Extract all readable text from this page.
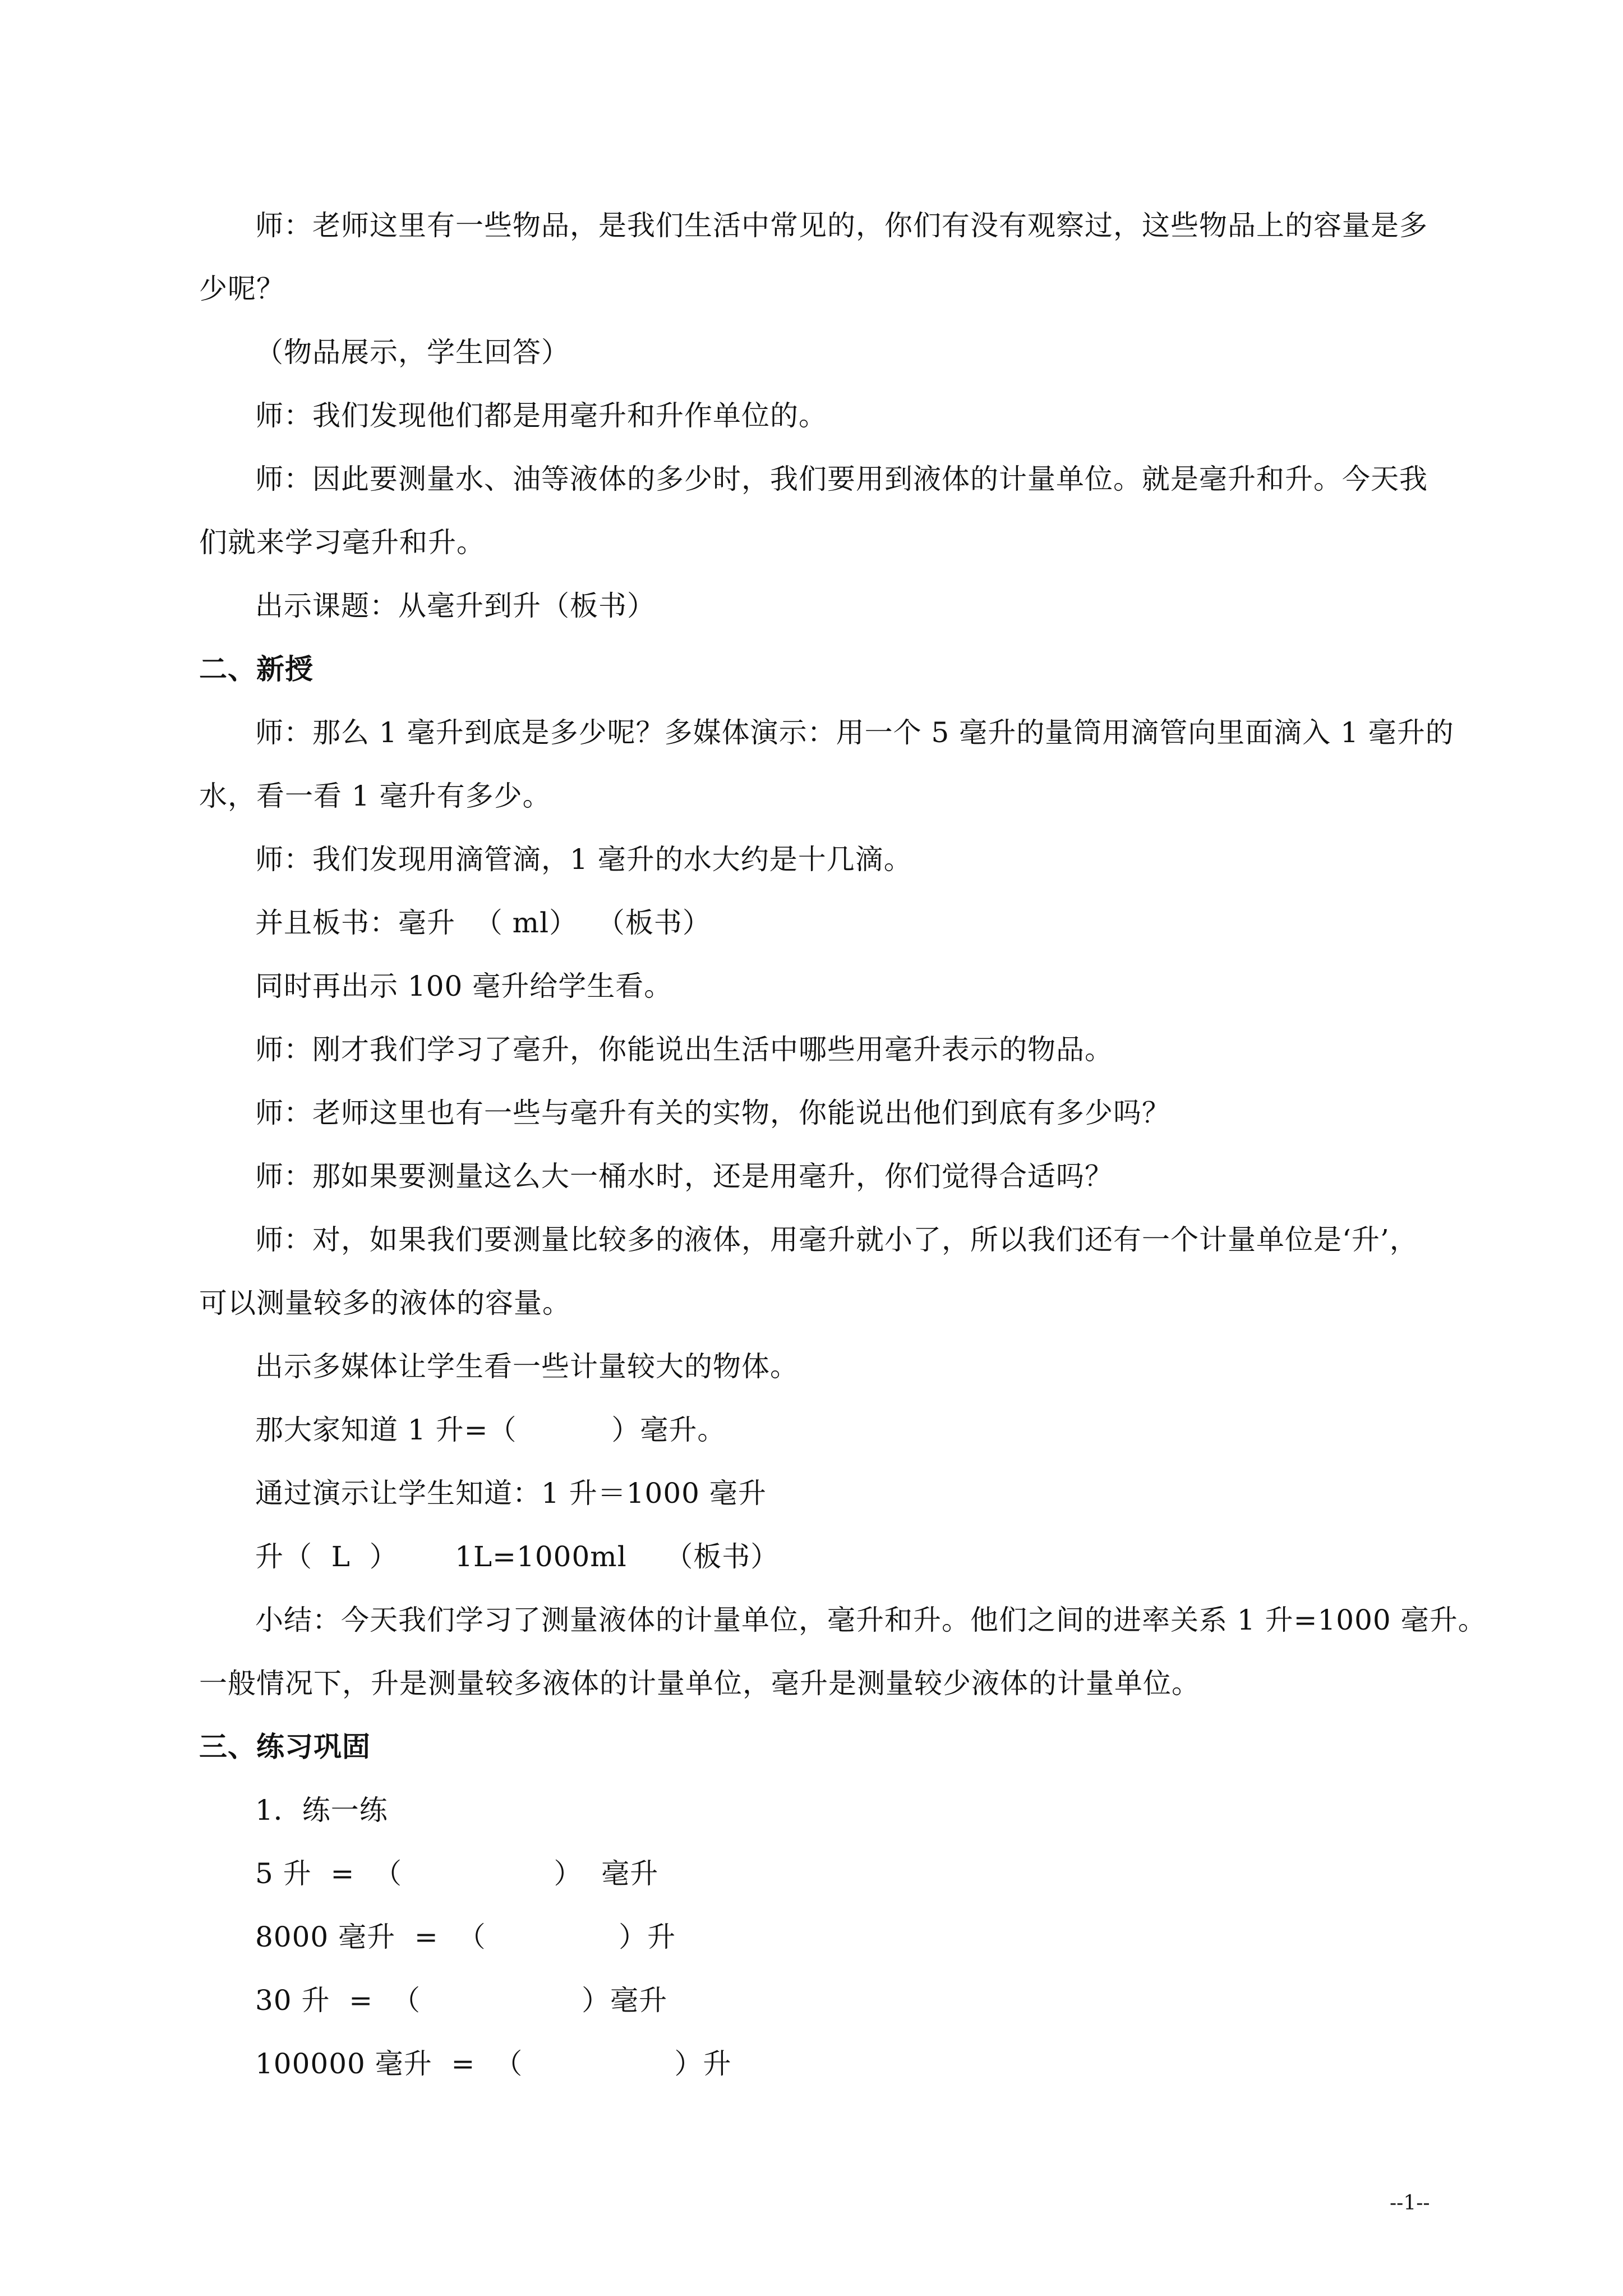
师：老师这里有一些物品，是我们生活中常见的，你们有没有观察过，这些物品上的容量是多
少呢？
（物品展示，学生回答）
师：我们发现他们都是用毫升和升作单位的。
师：因此要测量水、油等液体的多少时，我们要用到液体的计量单位。就是毫升和升。今天我
们就来学习毫升和升。
出示课题：从毫升到升（板书）
二、新授
师：那么 1 毫升到底是多少呢？多媒体演示：用一个 5 毫升的量筒用滴管向里面滴入 1 毫升的
水，看一看 1 毫升有多少。
师：我们发现用滴管滴，1 毫升的水大约是十几滴。
并且板书：毫升  （ ml）  （板书）
同时再出示 100 毫升给学生看。
师：刚才我们学习了毫升，你能说出生活中哪些用毫升表示的物品。
师：老师这里也有一些与毫升有关的实物，你能说出他们到底有多少吗？
师：那如果要测量这么大一桶水时，还是用毫升，你们觉得合适吗？
师：对，如果我们要测量比较多的液体，用毫升就小了，所以我们还有一个计量单位是‘升’，
可以测量较多的液体的容量。
出示多媒体让学生看一些计量较大的物体。
那大家知道 1 升=（          ）毫升。
通过演示让学生知道：1 升＝1000 毫升
升（  L  ）      1L=1000ml    （板书）
小结：今天我们学习了测量液体的计量单位，毫升和升。他们之间的进率关系 1 升=1000 毫升。
一般情况下，升是测量较多液体的计量单位，毫升是测量较少液体的计量单位。
三、练习巩固
1．练一练
5 升  =  （                ）  毫升
8000 毫升  =  （              ）升
30 升  =  （                 ）毫升
100000 毫升  =  （                ）升
--1--
